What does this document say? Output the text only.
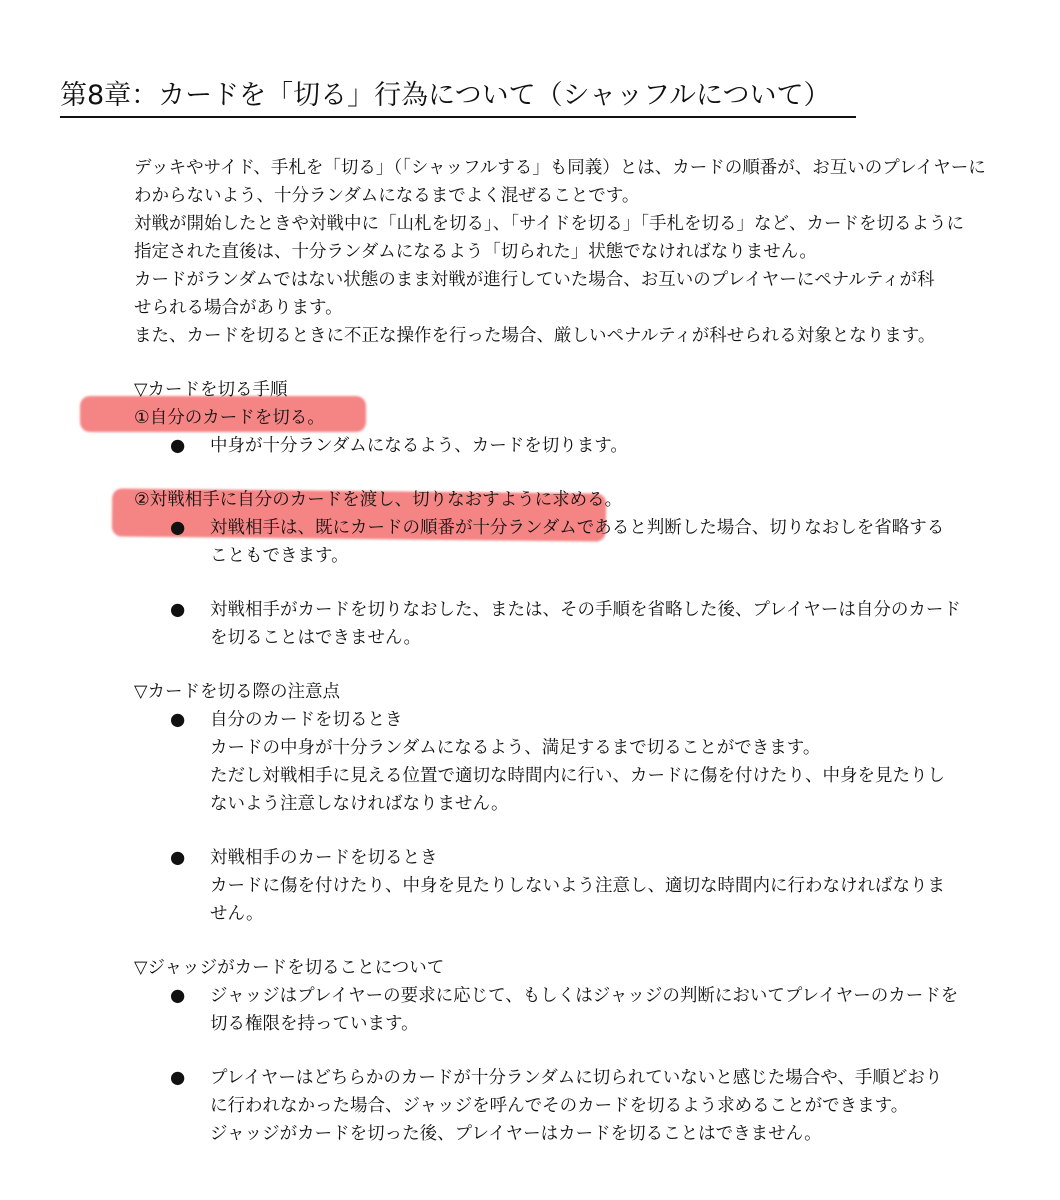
第8章：カードを「切る」行為について（シャッフルについて）
デッキやサイド、手札を「切る」（「シャッフルする」も同義）とは、カードの順番が、お互いのプレイヤーに
わからないよう、十分ランダムになるまでよく混ぜることです。
対戦が開始したときや対戦中に「山札を切る」、「サイドを切る」「手札を切る」など、カードを切るように
指定された直後は、十分ランダムになるよう「切られた」状態でなければなりません。
カードがランダムではない状態のまま対戦が進行していた場合、お互いのプレイヤーにペナルティが科
せられる場合があります。
また、カードを切るときに不正な操作を行った場合、厳しいペナルティが科せられる対象となります。
▽カードを切る手順
①自分のカードを切る。
● 中身が十分ランダムになるよう、カードを切ります。
②対戦相手に自分のカードを渡し、切りなおすように求める。
● 対戦相手は、既にカードの順番が十分ランダムであると判断した場合、切りなおしを省略する
こともできます。
● 対戦相手がカードを切りなおした、または、その手順を省略した後、プレイヤーは自分のカード
を切ることはできません。
▽カードを切る際の注意点
● 自分のカードを切るとき
カードの中身が十分ランダムになるよう、満足するまで切ることができます。
ただし対戦相手に見える位置で適切な時間内に行い、カードに傷を付けたり、中身を見たりし
ないよう注意しなければなりません。
● 対戦相手のカードを切るとき
カードに傷を付けたり、中身を見たりしないよう注意し、適切な時間内に行わなければなりま
せん。
▽ジャッジがカードを切ることについて
● ジャッジはプレイヤーの要求に応じて、もしくはジャッジの判断においてプレイヤーのカードを
切る権限を持っています。
● プレイヤーはどちらかのカードが十分ランダムに切られていないと感じた場合や、手順どおり
に行われなかった場合、ジャッジを呼んでそのカードを切るよう求めることができます。
ジャッジがカードを切った後、プレイヤーはカードを切ることはできません。
